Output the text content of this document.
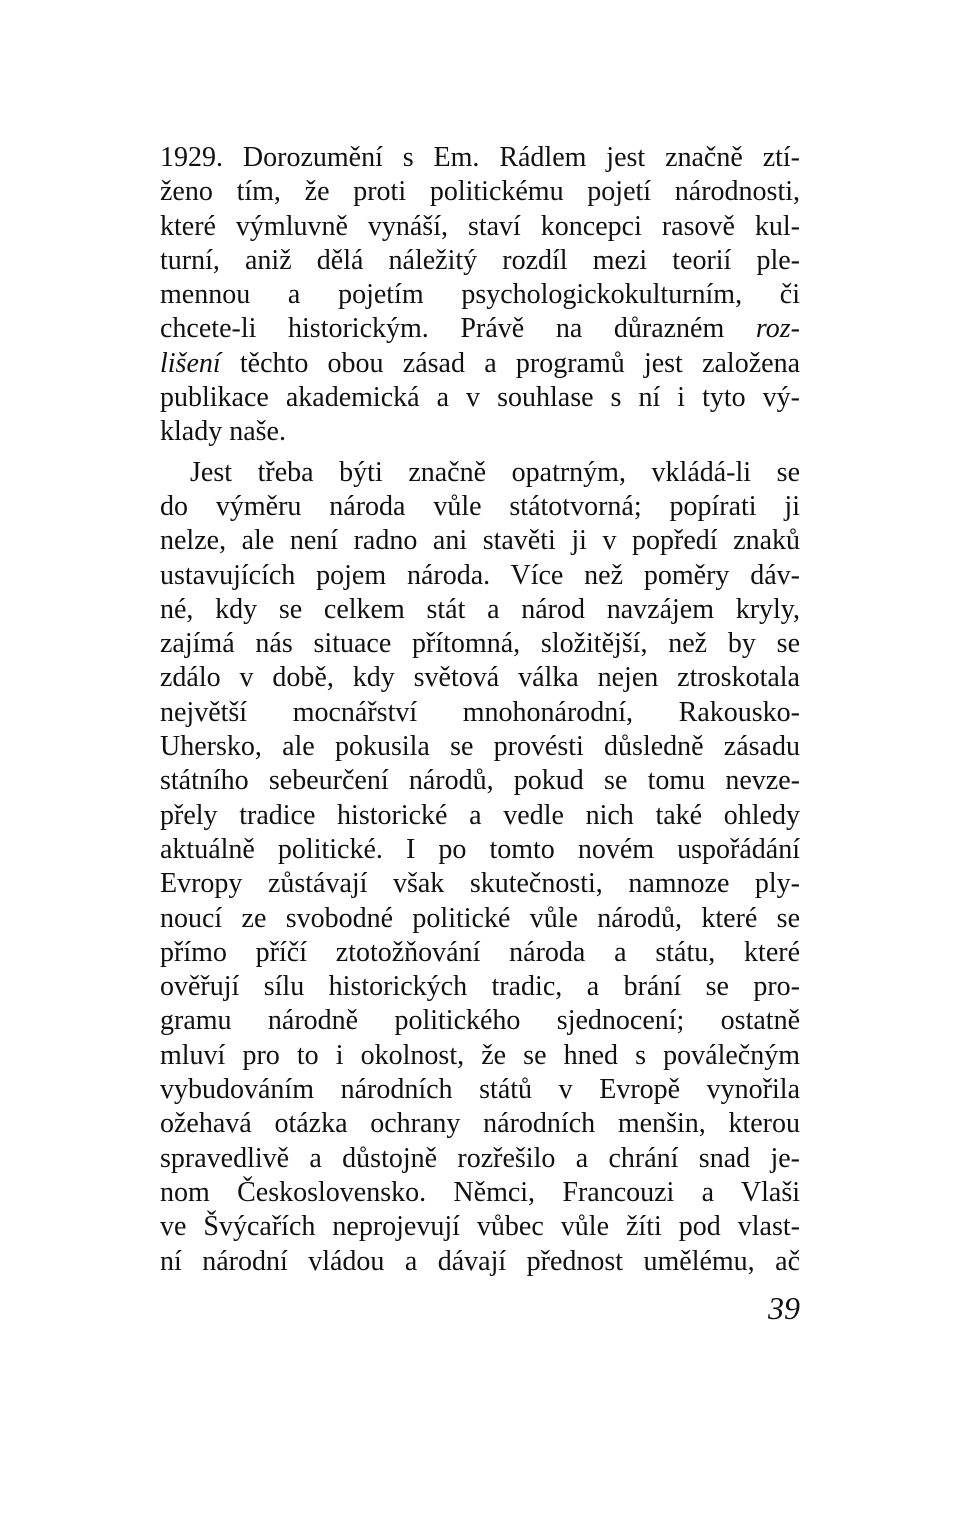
1929. Dorozumění s Em. Rádlem jest značně ztí-
ženo tím, že proti politickému pojetí národnosti,
které výmluvně vynáší, staví koncepci rasově kul-
turní, aniž dělá náležitý rozdíl mezi teorií ple-
mennou a pojetím psychologickokulturním, či
chcete-li historickým. Právě na důrazném roz-
lišení těchto obou zásad a programů jest založena
publikace akademická a v souhlase s ní i tyto vý-
klady naše.
Jest třeba býti značně opatrným, vkládá-li se
do výměru národa vůle státotvorná; popírati ji
nelze, ale není radno ani stavěti ji v popředí znaků
ustavujících pojem národa. Více než poměry dáv-
né, kdy se celkem stát a národ navzájem kryly,
zajímá nás situace přítomná, složitější, než by se
zdálo v době, kdy světová válka nejen ztroskotala
největší mocnářství mnohonárodní, Rakousko-
Uhersko, ale pokusila se provésti důsledně zásadu
státního sebeurčení národů, pokud se tomu nevze-
přely tradice historické a vedle nich také ohledy
aktuálně politické. I po tomto novém uspořádání
Evropy zůstávají však skutečnosti, namnoze ply-
noucí ze svobodné politické vůle národů, které se
přímo příčí ztotožňování národa a státu, které
ověřují sílu historických tradic, a brání se pro-
gramu národně politického sjednocení; ostatně
mluví pro to i okolnost, že se hned s poválečným
vybudováním národních států v Evropě vynořila
ožehavá otázka ochrany národních menšin, kterou
spravedlivě a důstojně rozřešilo a chrání snad je-
nom Československo. Němci, Francouzi a Vlaši
ve Švýcařích neprojevují vůbec vůle žíti pod vlast-
ní národní vládou a dávají přednost umělému, ač
39
